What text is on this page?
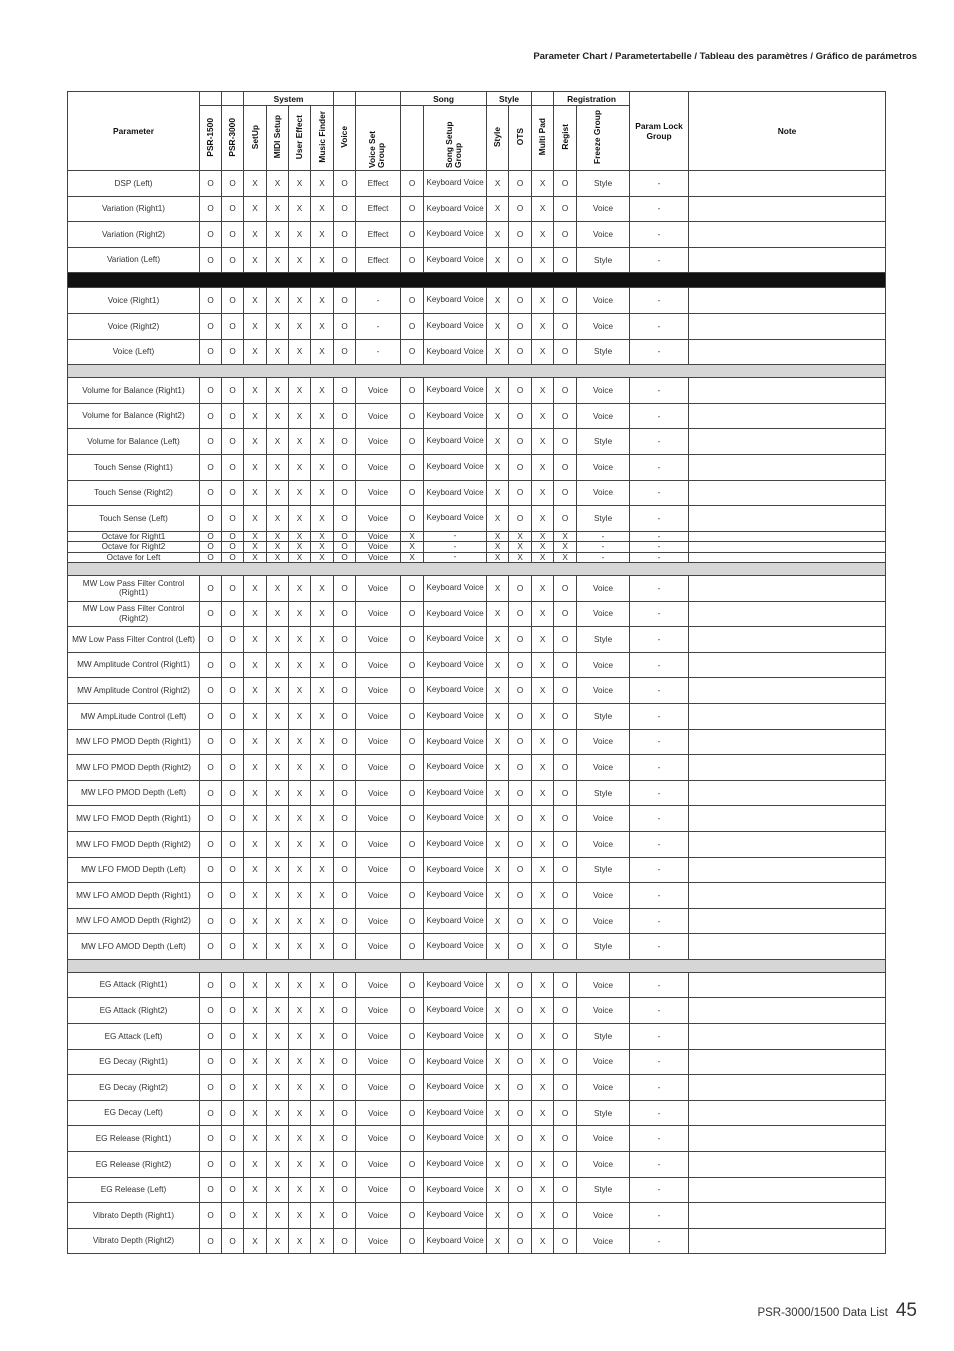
Parameter Chart / Parametertabelle / Tableau des paramètres / Gráfico de parámetros
Parameter			System						Song		Style			Registration		Param Lock Group	Note
	PSR-1500	PSR-3000	SetUp	MIDI Setup	User Effect	Music Finder	Voice	Voice Set Group		Song Setup Group	Style	OTS	Multi Pad	Regist	Freeze Group		
DSP (Left)	O	O	X	X	X	X	O	Effect	O	Keyboard Voice	X	O	X	O	Style	-	
Variation (Right1)	O	O	X	X	X	X	O	Effect	O	Keyboard Voice	X	O	X	O	Voice	-	
Variation (Right2)	O	O	X	X	X	X	O	Effect	O	Keyboard Voice	X	O	X	O	Voice	-	
Variation (Left)	O	O	X	X	X	X	O	Effect	O	Keyboard Voice	X	O	X	O	Style	-	

Voice (Right1)	O	O	X	X	X	X	O	-	O	Keyboard Voice	X	O	X	O	Voice	-	
Voice (Right2)	O	O	X	X	X	X	O	-	O	Keyboard Voice	X	O	X	O	Voice	-	
Voice (Left)	O	O	X	X	X	X	O	-	O	Keyboard Voice	X	O	X	O	Style	-	

Volume for Balance (Right1)	O	O	X	X	X	X	O	Voice	O	Keyboard Voice	X	O	X	O	Voice	-	
Volume for Balance (Right2)	O	O	X	X	X	X	O	Voice	O	Keyboard Voice	X	O	X	O	Voice	-	
Volume for Balance (Left)	O	O	X	X	X	X	O	Voice	O	Keyboard Voice	X	O	X	O	Style	-	
Touch Sense (Right1)	O	O	X	X	X	X	O	Voice	O	Keyboard Voice	X	O	X	O	Voice	-	
Touch Sense (Right2)	O	O	X	X	X	X	O	Voice	O	Keyboard Voice	X	O	X	O	Voice	-	
Touch Sense (Left)	O	O	X	X	X	X	O	Voice	O	Keyboard Voice	X	O	X	O	Style	-	
Octave for Right1	O	O	X	X	X	X	O	Voice	X	-	X	X	X	X	-	-	
Octave for Right2	O	O	X	X	X	X	O	Voice	X	-	X	X	X	X	-	-	
Octave for Left	O	O	X	X	X	X	O	Voice	X	-	X	X	X	X	-	-	

MW Low Pass Filter Control (Right1)	O	O	X	X	X	X	O	Voice	O	Keyboard Voice	X	O	X	O	Voice	-	
MW Low Pass Filter Control (Right2)	O	O	X	X	X	X	O	Voice	O	Keyboard Voice	X	O	X	O	Voice	-	
MW Low Pass Filter Control (Left)	O	O	X	X	X	X	O	Voice	O	Keyboard Voice	X	O	X	O	Style	-	
MW Amplitude Control (Right1)	O	O	X	X	X	X	O	Voice	O	Keyboard Voice	X	O	X	O	Voice	-	
MW Amplitude Control (Right2)	O	O	X	X	X	X	O	Voice	O	Keyboard Voice	X	O	X	O	Voice	-	
MW AmpLitude Control (Left)	O	O	X	X	X	X	O	Voice	O	Keyboard Voice	X	O	X	O	Style	-	
MW LFO PMOD Depth (Right1)	O	O	X	X	X	X	O	Voice	O	Keyboard Voice	X	O	X	O	Voice	-	
MW LFO PMOD Depth (Right2)	O	O	X	X	X	X	O	Voice	O	Keyboard Voice	X	O	X	O	Voice	-	
MW LFO PMOD Depth (Left)	O	O	X	X	X	X	O	Voice	O	Keyboard Voice	X	O	X	O	Style	-	
MW LFO FMOD Depth (Right1)	O	O	X	X	X	X	O	Voice	O	Keyboard Voice	X	O	X	O	Voice	-	
MW LFO FMOD Depth (Right2)	O	O	X	X	X	X	O	Voice	O	Keyboard Voice	X	O	X	O	Voice	-	
MW LFO FMOD Depth (Left)	O	O	X	X	X	X	O	Voice	O	Keyboard Voice	X	O	X	O	Style	-	
MW LFO AMOD Depth (Right1)	O	O	X	X	X	X	O	Voice	O	Keyboard Voice	X	O	X	O	Voice	-	
MW LFO AMOD Depth (Right2)	O	O	X	X	X	X	O	Voice	O	Keyboard Voice	X	O	X	O	Voice	-	
MW LFO AMOD Depth (Left)	O	O	X	X	X	X	O	Voice	O	Keyboard Voice	X	O	X	O	Style	-	

EG Attack (Right1)	O	O	X	X	X	X	O	Voice	O	Keyboard Voice	X	O	X	O	Voice	-	
EG Attack (Right2)	O	O	X	X	X	X	O	Voice	O	Keyboard Voice	X	O	X	O	Voice	-	
EG Attack (Left)	O	O	X	X	X	X	O	Voice	O	Keyboard Voice	X	O	X	O	Style	-	
EG Decay (Right1)	O	O	X	X	X	X	O	Voice	O	Keyboard Voice	X	O	X	O	Voice	-	
EG Decay (Right2)	O	O	X	X	X	X	O	Voice	O	Keyboard Voice	X	O	X	O	Voice	-	
EG Decay (Left)	O	O	X	X	X	X	O	Voice	O	Keyboard Voice	X	O	X	O	Style	-	
EG Release (Right1)	O	O	X	X	X	X	O	Voice	O	Keyboard Voice	X	O	X	O	Voice	-	
EG Release (Right2)	O	O	X	X	X	X	O	Voice	O	Keyboard Voice	X	O	X	O	Voice	-	
EG Release (Left)	O	O	X	X	X	X	O	Voice	O	Keyboard Voice	X	O	X	O	Style	-	
Vibrato Depth (Right1)	O	O	X	X	X	X	O	Voice	O	Keyboard Voice	X	O	X	O	Voice	-	
Vibrato Depth (Right2)	O	O	X	X	X	X	O	Voice	O	Keyboard Voice	X	O	X	O	Voice	-	
PSR-3000/1500 Data List 45
